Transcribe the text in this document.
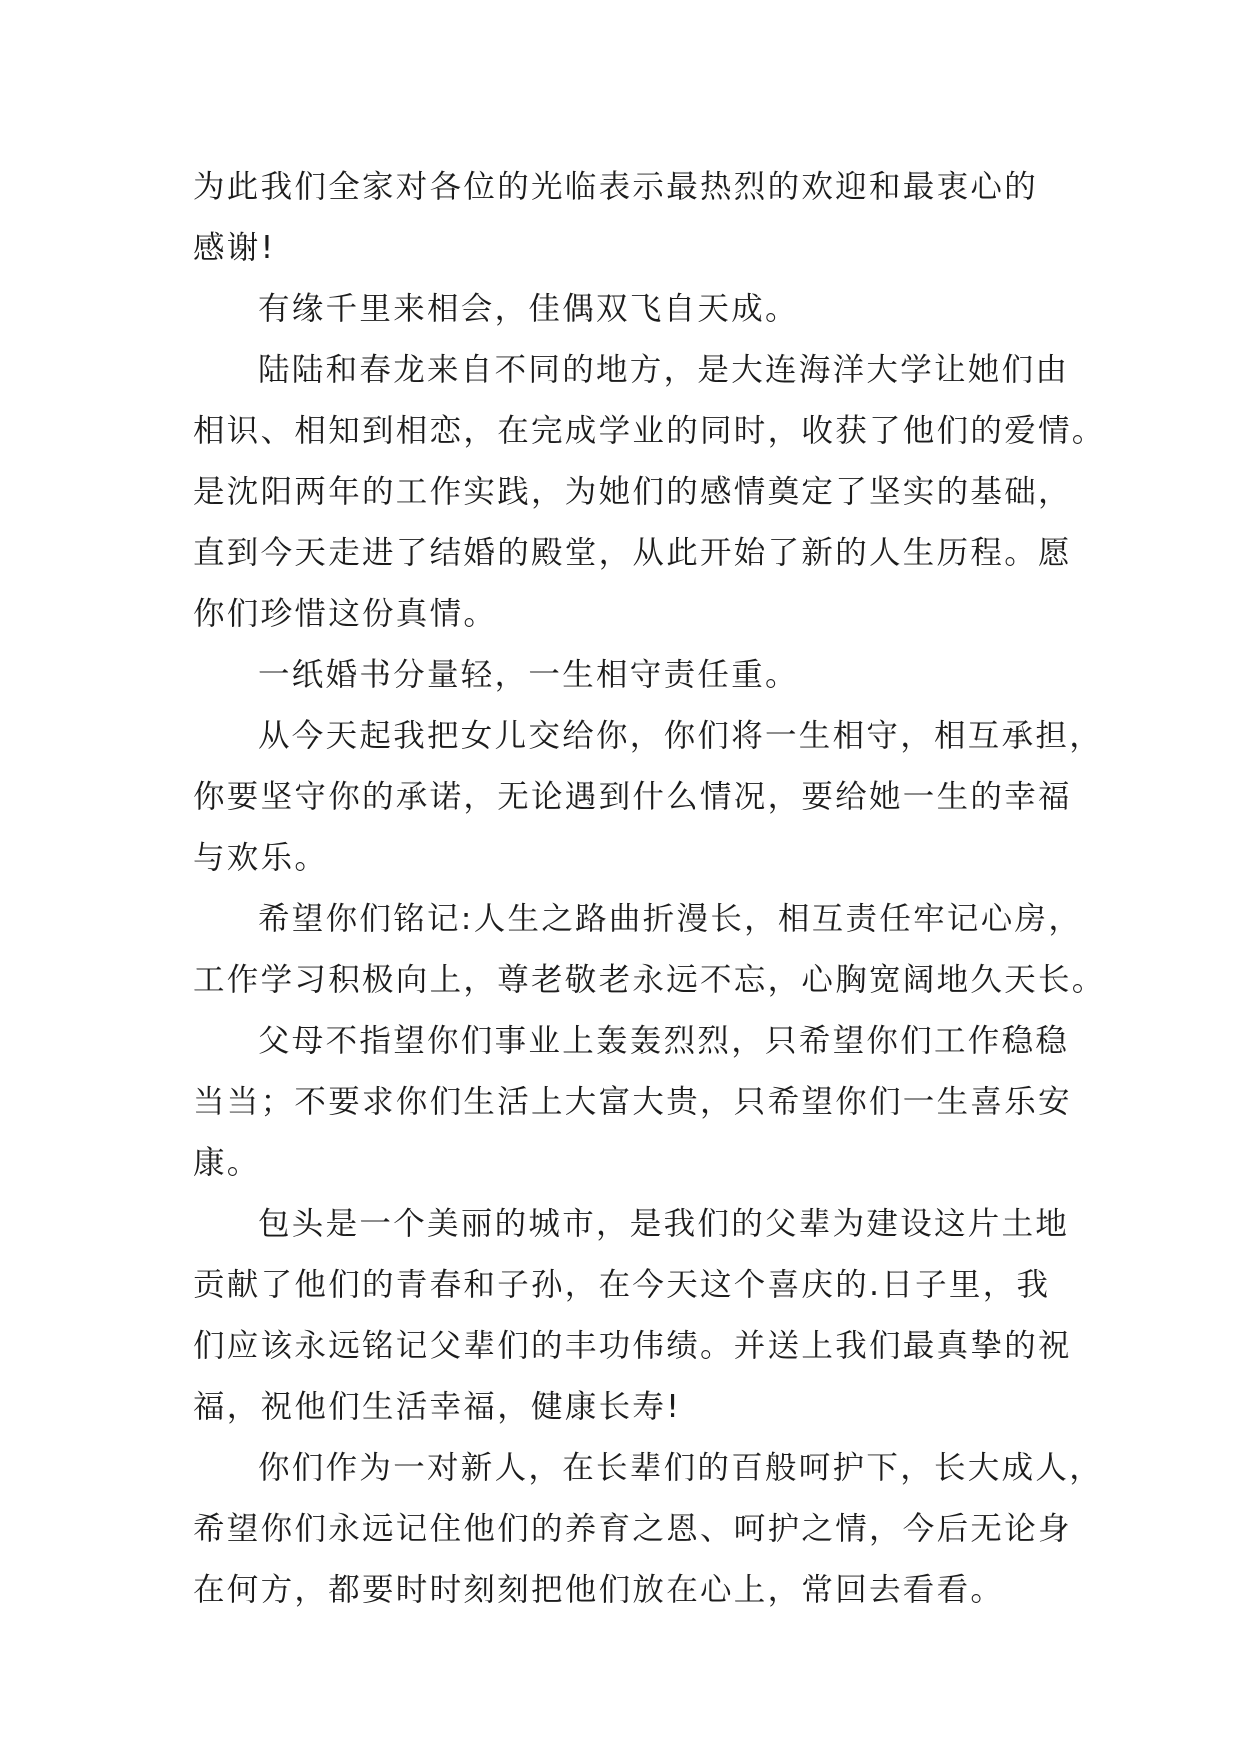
为此我们全家对各位的光临表示最热烈的欢迎和最衷心的
感谢!
有缘千里来相会，佳偶双飞自天成。
陆陆和春龙来自不同的地方，是大连海洋大学让她们由
相识、相知到相恋，在完成学业的同时，收获了他们的爱情。
是沈阳两年的工作实践，为她们的感情奠定了坚实的基础，
直到今天走进了结婚的殿堂，从此开始了新的人生历程。愿
你们珍惜这份真情。
一纸婚书分量轻，一生相守责任重。
从今天起我把女儿交给你，你们将一生相守，相互承担，
你要坚守你的承诺，无论遇到什么情况，要给她一生的幸福
与欢乐。
希望你们铭记:人生之路曲折漫长，相互责任牢记心房，
工作学习积极向上，尊老敬老永远不忘，心胸宽阔地久天长。
父母不指望你们事业上轰轰烈烈，只希望你们工作稳稳
当当；不要求你们生活上大富大贵，只希望你们一生喜乐安
康。
包头是一个美丽的城市，是我们的父辈为建设这片土地
贡献了他们的青春和子孙，在今天这个喜庆的.日子里，我
们应该永远铭记父辈们的丰功伟绩。并送上我们最真挚的祝
福，祝他们生活幸福，健康长寿!
你们作为一对新人，在长辈们的百般呵护下，长大成人，
希望你们永远记住他们的养育之恩、呵护之情，今后无论身
在何方，都要时时刻刻把他们放在心上，常回去看看。
